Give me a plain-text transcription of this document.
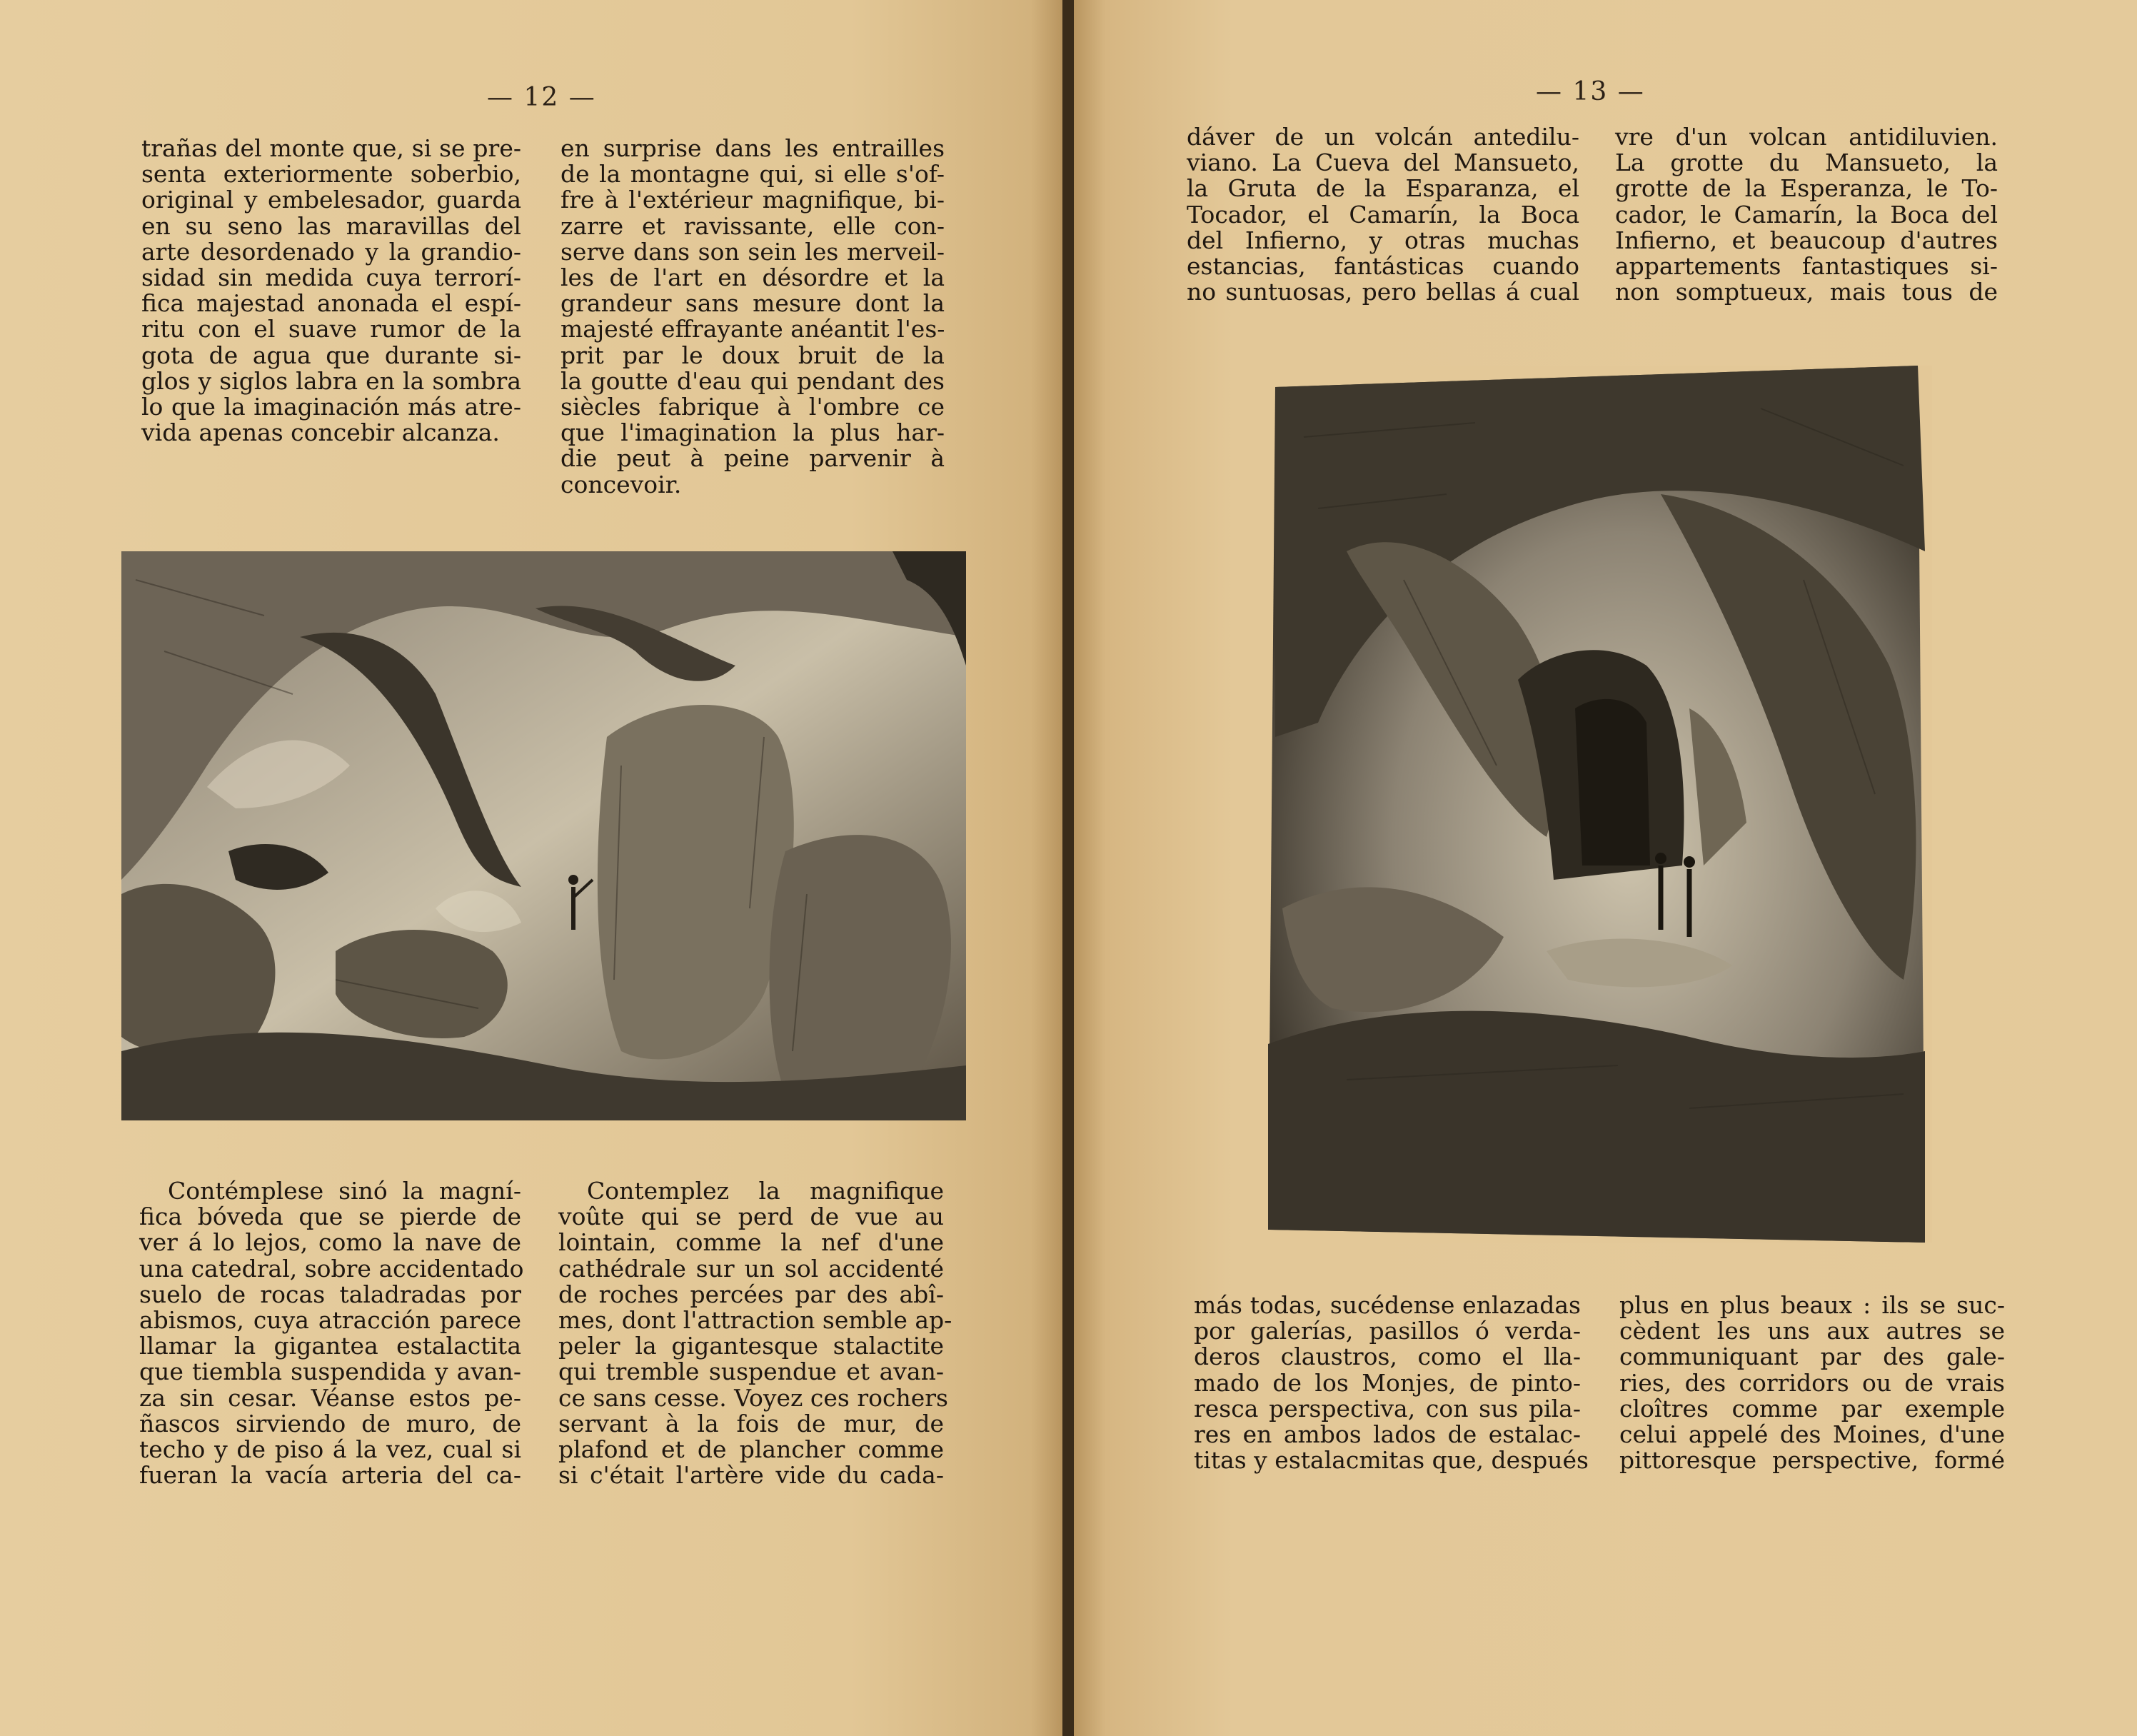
— 12 —
trañas del monte que, si se pre-
senta exteriormente soberbio,
original y embelesador, guarda
en su seno las maravillas del
arte desordenado y la grandio-
sidad sin medida cuya terrorí-
fica majestad anonada el espí-
ritu con el suave rumor de la
gota de agua que durante si-
glos y siglos labra en la sombra
lo que la imaginación más atre-
vida apenas concebir alcanza.
en surprise dans les entrailles
de la montagne qui, si elle s'of-
fre à l'extérieur magnifique, bi-
zarre et ravissante, elle con-
serve dans son sein les merveil-
les de l'art en désordre et la
grandeur sans mesure dont la
majesté effrayante anéantit l'es-
prit par le doux bruit de la
la goutte d'eau qui pendant des
siècles fabrique à l'ombre ce
que l'imagination la plus har-
die peut à peine parvenir à
concevoir.
Contémplese sinó la magní-
fica bóveda que se pierde de
ver á lo lejos, como la nave de
una catedral, sobre accidentado
suelo de rocas taladradas por
abismos, cuya atracción parece
llamar la gigantea estalactita
que tiembla suspendida y avan-
za sin cesar. Véanse estos pe-
ñascos sirviendo de muro, de
techo y de piso á la vez, cual si
fueran la vacía arteria del ca-
Contemplez la magnifique
voûte qui se perd de vue au
lointain, comme la nef d'une
cathédrale sur un sol accidenté
de roches percées par des abî-
mes, dont l'attraction semble ap-
peler la gigantesque stalactite
qui tremble suspendue et avan-
ce sans cesse. Voyez ces rochers
servant à la fois de mur, de
plafond et de plancher comme
si c'était l'artère vide du cada-
— 13 —
dáver de un volcán antedilu-
viano. La Cueva del Mansueto,
la Gruta de la Esparanza, el
Tocador, el Camarín, la Boca
del Infierno, y otras muchas
estancias, fantásticas cuando
no suntuosas, pero bellas á cual
vre d'un volcan antidiluvien.
La grotte du Mansueto, la
grotte de la Esperanza, le To-
cador, le Camarín, la Boca del
Infierno, et beaucoup d'autres
appartements fantastiques si-
non somptueux, mais tous de
más todas, sucédense enlazadas
por galerías, pasillos ó verda-
deros claustros, como el lla-
mado de los Monjes, de pinto-
resca perspectiva, con sus pila-
res en ambos lados de estalac-
titas y estalacmitas que, después
plus en plus beaux : ils se suc-
cèdent les uns aux autres se
communiquant par des gale-
ries, des corridors ou de vrais
cloîtres comme par exemple
celui appelé des Moines, d'une
pittoresque perspective, formé
